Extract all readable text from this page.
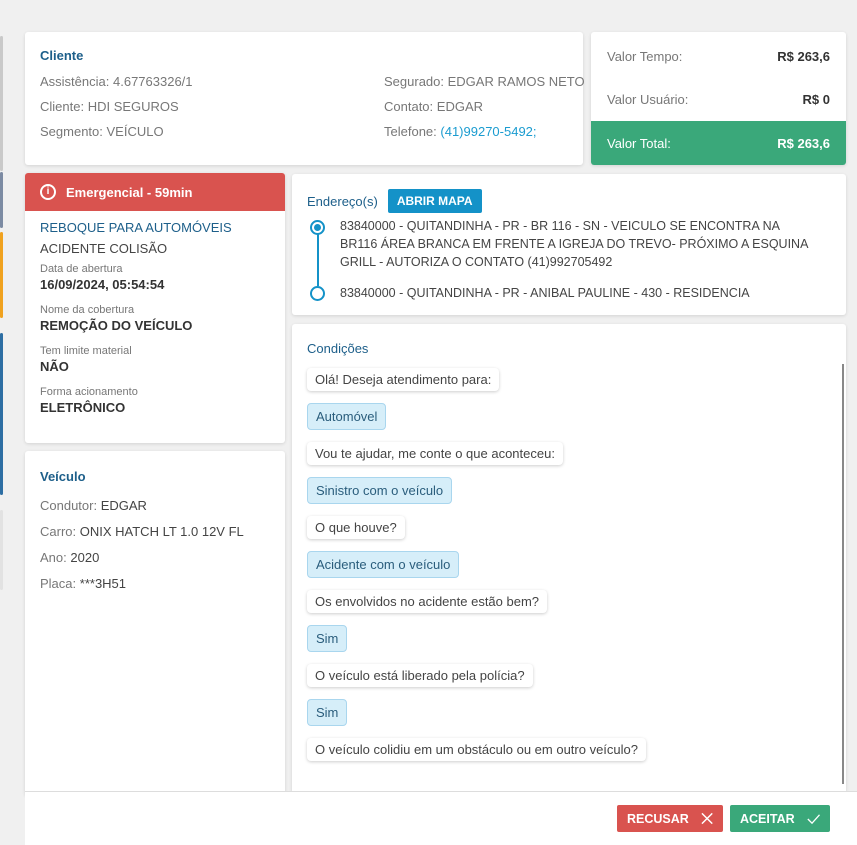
Cliente
Assistência: 4.67763326/1
Cliente: HDI SEGUROS
Segmento: VEÍCULO
Segurado: EDGAR RAMOS NETO
Contato: EDGAR
Telefone: (41)99270-5492;
Valor Tempo:	R$ 263,6
Valor Usuário:	R$ 0
Valor Total:	R$ 263,6
i	Emergencial - 59min
REBOQUE PARA AUTOMÓVEIS
ACIDENTE COLISÃO
Data de abertura
16/09/2024, 05:54:54
Nome da cobertura
REMOÇÃO DO VEÍCULO
Tem limite material
NÃO
Forma acionamento
ELETRÔNICO
Veículo
Condutor: EDGAR
Carro: ONIX HATCH LT 1.0 12V FL
Ano: 2020
Placa: ***3H51
Endereço(s)	ABRIR MAPA
83840000 - QUITANDINHA - PR - BR 116 - SN - VEICULO SE ENCONTRA NA BR116 ÁREA BRANCA EM FRENTE A IGREJA DO TREVO- PRÓXIMO A ESQUINA GRILL - AUTORIZA O CONTATO (41)992705492
83840000 - QUITANDINHA - PR - ANIBAL PAULINE - 430 - RESIDENCIA
Condições
Olá! Deseja atendimento para:
Automóvel
Vou te ajudar, me conte o que aconteceu:
Sinistro com o veículo
O que houve?
Acidente com o veículo
Os envolvidos no acidente estão bem?
Sim
O veículo está liberado pela polícia?
Sim
O veículo colidiu em um obstáculo ou em outro veículo?
RECUSAR	ACEITAR
